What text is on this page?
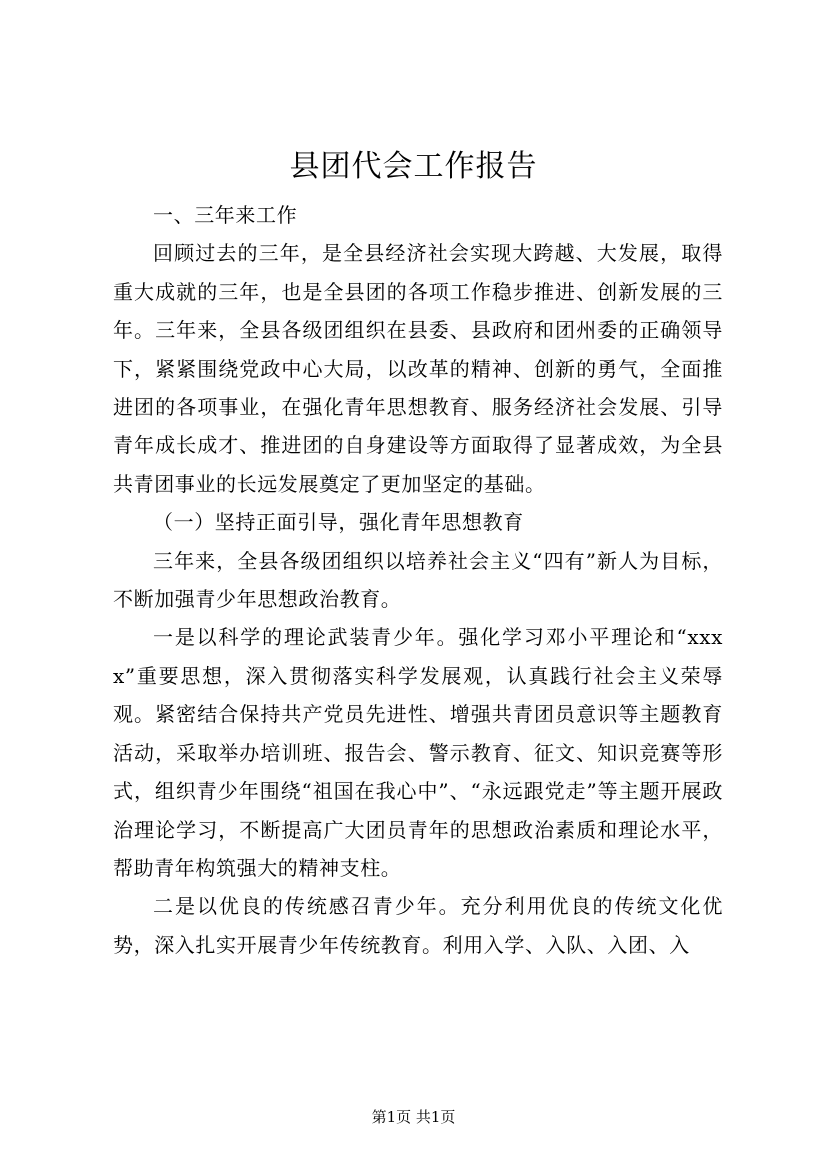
县团代会工作报告

一、三年来工作

回顾过去的三年，是全县经济社会实现大跨越、大发展，取得重大成就的三年，也是全县团的各项工作稳步推进、创新发展的三年。三年来，全县各级团组织在县委、县政府和团州委的正确领导下，紧紧围绕党政中心大局，以改革的精神、创新的勇气，全面推进团的各项事业，在强化青年思想教育、服务经济社会发展、引导青年成长成才、推进团的自身建设等方面取得了显著成效，为全县共青团事业的长远发展奠定了更加坚定的基础。

（一）坚持正面引导，强化青年思想教育

三年来，全县各级团组织以培养社会主义“四有”新人为目标，不断加强青少年思想政治教育。

一是以科学的理论武装青少年。强化学习邓小平理论和“xxxx”重要思想，深入贯彻落实科学发展观，认真践行社会主义荣辱观。紧密结合保持共产党员先进性、增强共青团员意识等主题教育活动，采取举办培训班、报告会、警示教育、征文、知识竞赛等形式，组织青少年围绕“祖国在我心中”、“永远跟党走”等主题开展政治理论学习，不断提高广大团员青年的思想政治素质和理论水平，帮助青年构筑强大的精神支柱。

二是以优良的传统感召青少年。充分利用优良的传统文化优势，深入扎实开展青少年传统教育。利用入学、入队、入团、入

第1页 共1页
